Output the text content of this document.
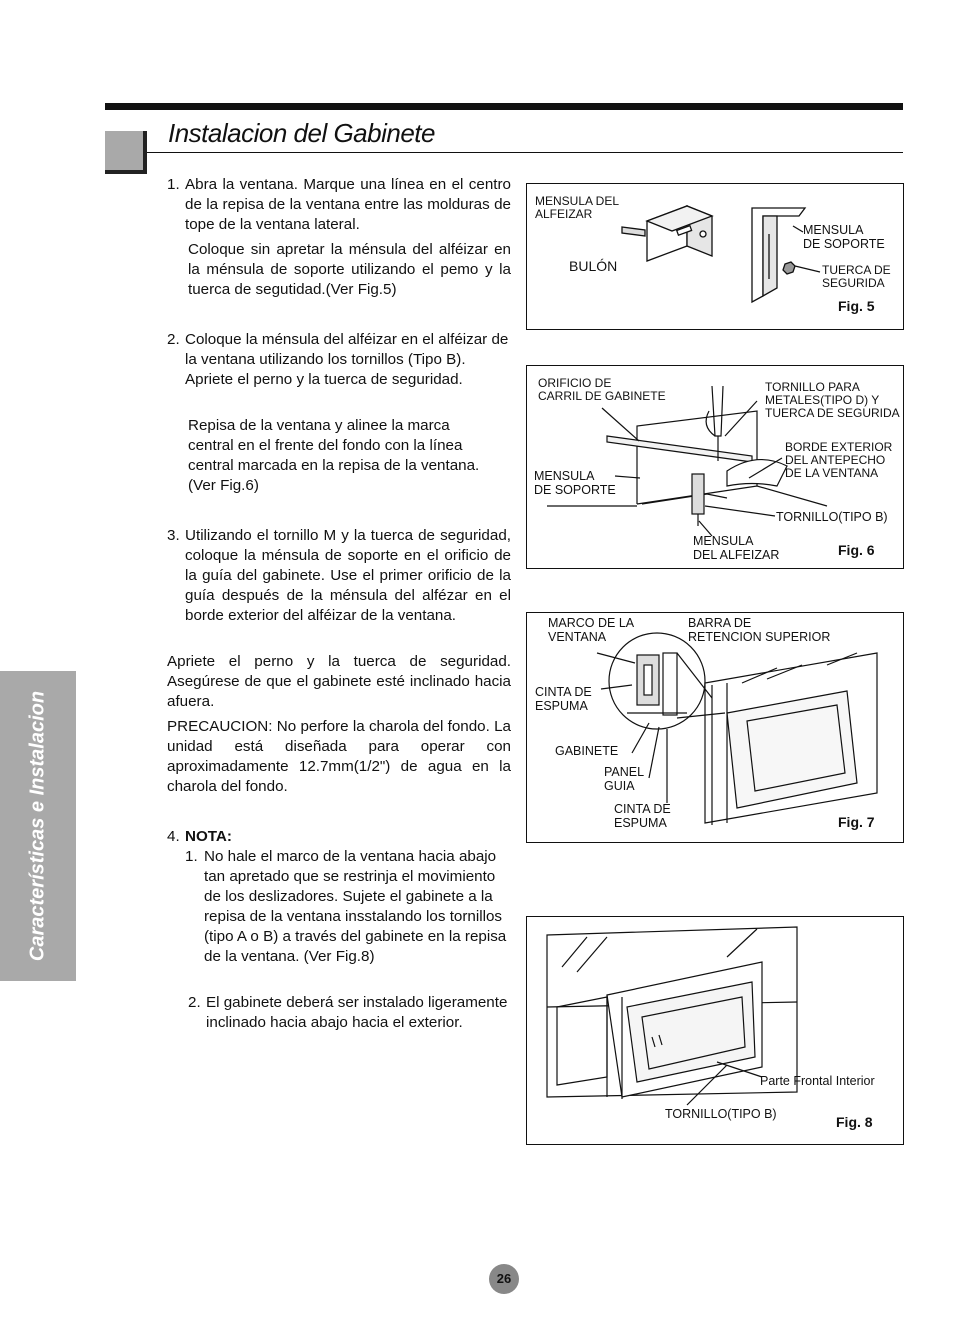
Instalacion del Gabinete
Características e Instalacion
1. Abra la ventana. Marque una línea en el centro de la repisa de la ventana entre las molduras de tope de la ventana lateral.
Coloque sin apretar la ménsula del alféizar en la ménsula de soporte utilizando el pemo y la tuerca de segutidad.(Ver Fig.5)
2. Coloque la ménsula del alféizar en el alféizar de la ventana utilizando los tornillos (Tipo B). Apriete el perno y la tuerca de seguridad.
Repisa de la ventana y alinee la marca central en el frente del fondo con la línea central marcada en la repisa de la ventana.(Ver Fig.6)
3. Utilizando el tornillo M y la tuerca de seguridad, coloque la ménsula de soporte en el orificio de la guía del gabinete. Use el primer orificio de la guía después de la ménsula del alfézar en el borde exterior del alféizar de la ventana.
Apriete el perno y la tuerca de seguridad. Asegúrese de que el gabinete esté inclinado hacia afuera.
PRECAUCION: No perfore la charola del fondo. La unidad está diseñada para operar con aproximadamente 12.7mm(1/2") de agua en la charola del fondo.
4. NOTA:
1. No hale el marco de la ventana hacia abajo tan apretado que se restrinja el movimiento de los deslizadores. Sujete el gabinete a la repisa de la ventana insstalando los tornillos (tipo A o B) a través del gabinete en la repisa de la ventana. (Ver Fig.8)
2. El gabinete deberá ser instalado ligeramente inclinado hacia abajo hacia el exterior.
MENSULA DEL
ALFEIZAR
BULÓN
MENSULA
DE SOPORTE
TUERCA DE
SEGURIDA
Fig. 5
ORIFICIO DE
CARRIL DE GABINETE
TORNILLO PARA
METALES(TIPO D) Y
TUERCA DE SEGURIDA
BORDE EXTERIOR
DEL ANTEPECHO
DE LA VENTANA
MENSULA
DE SOPORTE
TORNILLO(TIPO B)
MENSULA
DEL ALFEIZAR	Fig. 6
MARCO DE LA
VENTANA
BARRA DE
RETENCION SUPERIOR
CINTA DE
ESPUMA
GABINETE
PANEL
GUIA
CINTA DE
ESPUMA	Fig. 7
Parte Frontal Interior
TORNILLO(TIPO B)	Fig. 8
26
